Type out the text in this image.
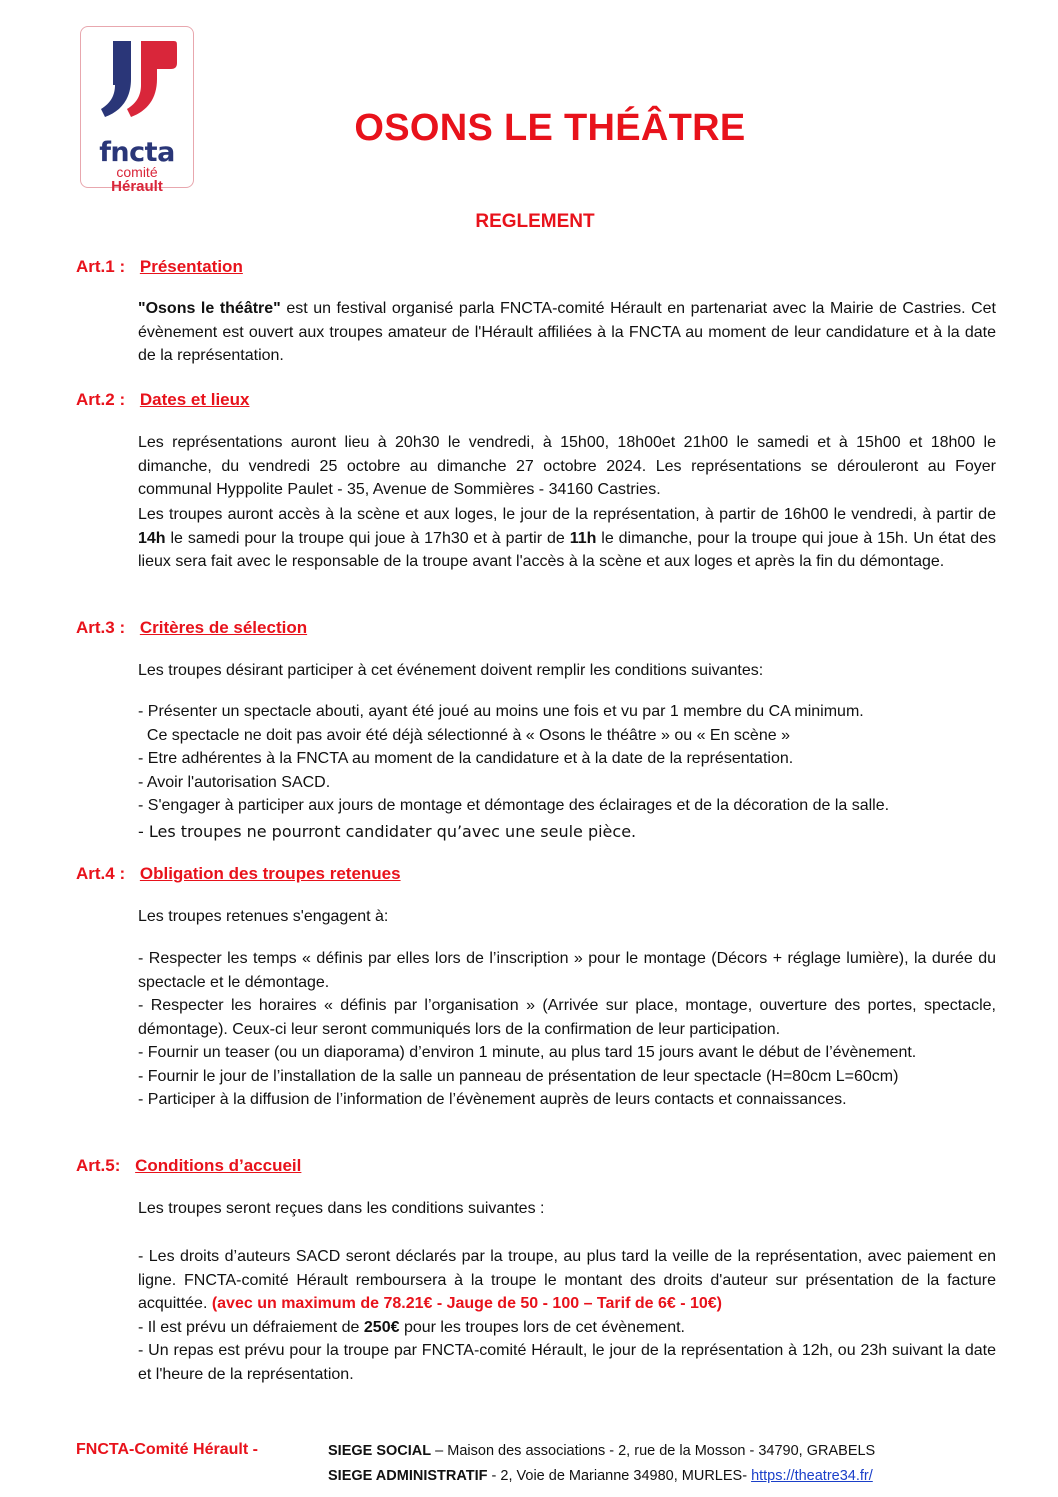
fncta
comité
Hérault
OSONS LE THÉÂTRE
REGLEMENT
Art.1 : Présentation

"Osons le théâtre" est un festival organisé parla FNCTA-comité Hérault en partenariat avec la Mairie de Castries. Cet évènement est ouvert aux troupes amateur de l'Hérault affiliées à la FNCTA au moment de leur candidature et à la date de la représentation.

Art.2 : Dates et lieux

Les représentations auront lieu à 20h30 le vendredi, à 15h00, 18h00et 21h00 le samedi et à 15h00 et 18h00 le dimanche, du vendredi 25 octobre au dimanche 27 octobre 2024. Les représentations se dérouleront au Foyer communal Hyppolite Paulet - 35, Avenue de Sommières - 34160 Castries.

Les troupes auront accès à la scène et aux loges, le jour de la représentation, à partir de 16h00 le vendredi, à partir de 14h le samedi pour la troupe qui joue à 17h30 et à partir de 11h le dimanche, pour la troupe qui joue à 15h. Un état des lieux sera fait avec le responsable de la troupe avant l'accès à la scène et aux loges et après la fin du démontage.

Art.3 : Critères de sélection

Les troupes désirant participer à cet événement doivent remplir les conditions suivantes:

- Présenter un spectacle abouti, ayant été joué au moins une fois et vu par 1 membre du CA minimum.
Ce spectacle ne doit pas avoir été déjà sélectionné à « Osons le théâtre » ou « En scène »
- Etre adhérentes à la FNCTA au moment de la candidature et à la date de la représentation.
- Avoir l'autorisation SACD.
- S'engager à participer aux jours de montage et démontage des éclairages et de la décoration de la salle.
- Les troupes ne pourront candidater qu’avec une seule pièce.
Art.4 : Obligation des troupes retenues

Les troupes retenues s'engagent à:

- Respecter les temps « définis par elles lors de l’inscription » pour le montage (Décors + réglage lumière), la durée du spectacle et le démontage.
- Respecter les horaires « définis par l’organisation » (Arrivée sur place, montage, ouverture des portes, spectacle, démontage). Ceux-ci leur seront communiqués lors de la confirmation de leur participation.
- Fournir un teaser (ou un diaporama) d’environ 1 minute, au plus tard 15 jours avant le début de l’évènement.
- Fournir le jour de l’installation de la salle un panneau de présentation de leur spectacle (H=80cm L=60cm)
- Participer à la diffusion de l’information de l’évènement auprès de leurs contacts et connaissances.
Art.5: Conditions d’accueil

Les troupes seront reçues dans les conditions suivantes :

- Les droits d’auteurs SACD seront déclarés par la troupe, au plus tard la veille de la représentation, avec paiement en ligne. FNCTA-comité Hérault remboursera à la troupe le montant des droits d'auteur sur présentation de la facture acquittée. (avec un maximum de 78.21€ - Jauge de 50 - 100 – Tarif de 6€ - 10€)
- Il est prévu un défraiement de 250€ pour les troupes lors de cet évènement.
- Un repas est prévu pour la troupe par FNCTA-comité Hérault, le jour de la représentation à 12h, ou 23h suivant la date et l'heure de la représentation.
FNCTA-Comité Hérault -	SIEGE SOCIAL – Maison des associations - 2, rue de la Mosson - 34790, GRABELS
SIEGE ADMINISTRATIF - 2, Voie de Marianne 34980, MURLES- https://theatre34.fr/
